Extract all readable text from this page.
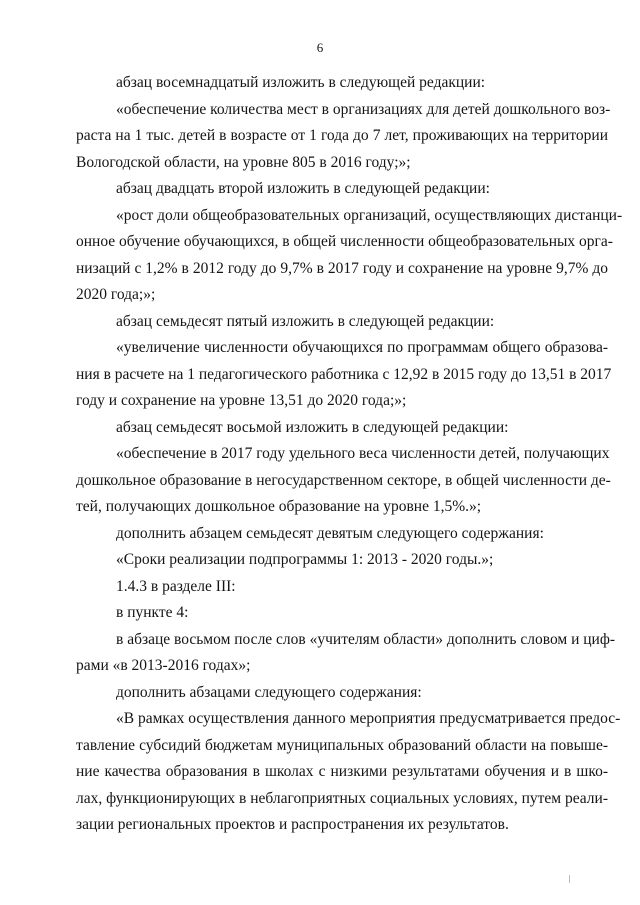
6
абзац восемнадцатый изложить в следующей редакции:
«обеспечение количества мест в организациях для детей дошкольного воз-
раста на 1 тыс. детей в возрасте от 1 года до 7 лет, проживающих на территории
Вологодской области, на уровне 805 в 2016 году;»;
абзац двадцать второй изложить в следующей редакции:
«рост доли общеобразовательных организаций, осуществляющих дистанци-
онное обучение обучающихся, в общей численности общеобразовательных орга-
низаций с 1,2% в 2012 году до 9,7% в 2017 году и сохранение на уровне 9,7% до
2020 года;»;
абзац семьдесят пятый изложить в следующей редакции:
«увеличение численности обучающихся по программам общего образова-
ния в расчете на 1 педагогического работника с 12,92 в 2015 году до 13,51 в 2017
году и сохранение на уровне 13,51 до 2020 года;»;
абзац семьдесят восьмой изложить в следующей редакции:
«обеспечение в 2017 году удельного веса численности детей, получающих
дошкольное образование в негосударственном секторе, в общей численности де-
тей, получающих дошкольное образование на уровне 1,5%.»;
дополнить абзацем семьдесят девятым следующего содержания:
«Сроки реализации подпрограммы 1: 2013 - 2020 годы.»;
1.4.3 в разделе III:
в пункте 4:
в абзаце восьмом после слов «учителям области» дополнить словом и циф-
рами «в 2013-2016 годах»;
дополнить абзацами следующего содержания:
«В рамках осуществления данного мероприятия предусматривается предос-
тавление субсидий бюджетам муниципальных образований области на повыше-
ние качества образования в школах с низкими результатами обучения и в шко-
лах, функционирующих в неблагоприятных социальных условиях, путем реали-
зации региональных проектов и распространения их результатов.
